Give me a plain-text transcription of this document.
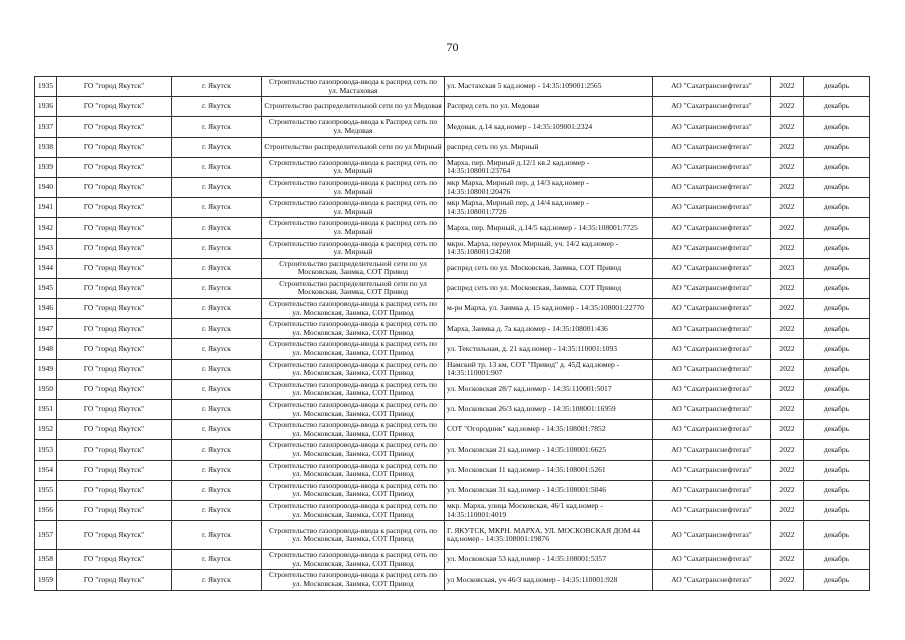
70
1935	ГО "город Якутск"	г. Якутск	Строительство газопровода-ввода к распред сеть по ул. Мастаховая	ул. Мастахская 5 кад.номер - 14:35:109001:2565	АО "Сахатранснефтегаз"	2022	декабрь
1936	ГО "город Якутск"	г. Якутск	Строительство распределительной сети по ул Медовая	Распред сеть по ул. Медовая	АО "Сахатранснефтегаз"	2022	декабрь
1937	ГО "город Якутск"	г. Якутск	Строительство газопровода-ввода к Распред сеть по ул. Медовая	Медовая, д.14 кад.номер - 14:35:109001:2324	АО "Сахатранснефтегаз"	2022	декабрь
1938	ГО "город Якутск"	г. Якутск	Строительство распределительной сети по ул Мирный	распред сеть по ул. Мирный	АО "Сахатранснефтегаз"	2022	декабрь
1939	ГО "город Якутск"	г. Якутск	Строительство газопровода-ввода к распред сеть по ул. Мирный	Марха, пер. Мирный д.12/1 кв.2 кад.номер - 14:35:108001:23764	АО "Сахатранснефтегаз"	2022	декабрь
1940	ГО "город Якутск"	г. Якутск	Строительство газопровода-ввода к распред сеть по ул. Мирный	мкр Марха, Мирный пер, д 14/3 кад.номер - 14:35:108001:20476	АО "Сахатранснефтегаз"	2022	декабрь
1941	ГО "город Якутск"	г. Якутск	Строительство газопровода-ввода к распред сеть по ул. Мирный	мкр Марха, Мирный пер, д 14/4 кад.номер - 14:35:108001:7726	АО "Сахатранснефтегаз"	2022	декабрь
1942	ГО "город Якутск"	г. Якутск	Строительство газопровода-ввода к распред сеть по ул. Мирный	Марха, пер. Мирный, д.14/5 кад.номер - 14:35:108001:7725	АО "Сахатранснефтегаз"	2022	декабрь
1943	ГО "город Якутск"	г. Якутск	Строительство газопровода-ввода к распред сеть по ул. Мирный	мкрн. Марха, переулок Мирный, уч. 14/2 кад.номер - 14:35:108001:24208	АО "Сахатранснефтегаз"	2022	декабрь
1944	ГО "город Якутск"	г. Якутск	Строительство распределительной сети по ул Московская, Заимка, СОТ Привод	распред сеть по ул. Московская, Заимка, СОТ Привод	АО "Сахатранснефтегаз"	2023	декабрь
1945	ГО "город Якутск"	г. Якутск	Строительство распределительной сети по ул Московская, Заимка, СОТ Привод	распред сеть по ул. Московская, Заимка, СОТ Привод	АО "Сахатранснефтегаз"	2022	декабрь
1946	ГО "город Якутск"	г. Якутск	Строительство газопровода-ввода к распред сеть по ул. Московская, Заимка, СОТ Привод	м-рн Марха, ул. Заимка д. 15 кад.номер - 14:35:108001:22770	АО "Сахатранснефтегаз"	2022	декабрь
1947	ГО "город Якутск"	г. Якутск	Строительство газопровода-ввода к распред сеть по ул. Московская, Заимка, СОТ Привод	Марха, Заимка д. 7а кад.номер - 14:35:108001:436	АО "Сахатранснефтегаз"	2022	декабрь
1948	ГО "город Якутск"	г. Якутск	Строительство газопровода-ввода к распред сеть по ул. Московская, Заимка, СОТ Привод	ул. Текстильная, д. 21 кад.номер - 14:35:110001:1093	АО "Сахатранснефтегаз"	2022	декабрь
1949	ГО "город Якутск"	г. Якутск	Строительство газопровода-ввода к распред сеть по ул. Московская, Заимка, СОТ Привод	Намский тр. 13 км, СОТ "Привод" д. 45Д кад.номер - 14:35:110001:907	АО "Сахатранснефтегаз"	2022	декабрь
1950	ГО "город Якутск"	г. Якутск	Строительство газопровода-ввода к распред сеть по ул. Московская, Заимка, СОТ Привод	ул. Московская 28/7 кад.номер - 14:35:110001:5017	АО "Сахатранснефтегаз"	2022	декабрь
1951	ГО "город Якутск"	г. Якутск	Строительство газопровода-ввода к распред сеть по ул. Московская, Заимка, СОТ Привод	ул. Московская 26/3 кад.номер - 14:35:108001:16959	АО "Сахатранснефтегаз"	2022	декабрь
1952	ГО "город Якутск"	г. Якутск	Строительство газопровода-ввода к распред сеть по ул. Московская, Заимка, СОТ Привод	СОТ "Огородник" кад.номер - 14:35:108001:7852	АО "Сахатранснефтегаз"	2022	декабрь
1953	ГО "город Якутск"	г. Якутск	Строительство газопровода-ввода к распред сеть по ул. Московская, Заимка, СОТ Привод	ул. Московская 21 кад.номер - 14:35:108001:6625	АО "Сахатранснефтегаз"	2022	декабрь
1954	ГО "город Якутск"	г. Якутск	Строительство газопровода-ввода к распред сеть по ул. Московская, Заимка, СОТ Привод	ул. Московская 11 кад.номер - 14:35:108001:5261	АО "Сахатранснефтегаз"	2022	декабрь
1955	ГО "город Якутск"	г. Якутск	Строительство газопровода-ввода к распред сеть по ул. Московская, Заимка, СОТ Привод	ул. Московская 31 кад.номер - 14:35:108001:5046	АО "Сахатранснефтегаз"	2022	декабрь
1956	ГО "город Якутск"	г. Якутск	Строительство газопровода-ввода к распред сеть по ул. Московская, Заимка, СОТ Привод	мкр. Марха, улица Московская, 46/1 кад.номер - 14:35:110001:4019	АО "Сахатранснефтегаз"	2022	декабрь
1957	ГО "город Якутск"	г. Якутск	Строительство газопровода-ввода к распред сеть по ул. Московская, Заимка, СОТ Привод	Г. ЯКУТСК, МКРН. МАРХА, УЛ. МОСКОВСКАЯ ДОМ 44 кад.номер - 14:35:108001:19876	АО "Сахатранснефтегаз"	2022	декабрь
1958	ГО "город Якутск"	г. Якутск	Строительство газопровода-ввода к распред сеть по ул. Московская, Заимка, СОТ Привод	ул. Московская 53 кад.номер - 14:35:108001:5357	АО "Сахатранснефтегаз"	2022	декабрь
1959	ГО "город Якутск"	г. Якутск	Строительство газопровода-ввода к распред сеть по ул. Московская, Заимка, СОТ Привод	ул Московская, уч 46/3 кад.номер - 14:35:110001:928	АО "Сахатранснефтегаз"	2022	декабрь
